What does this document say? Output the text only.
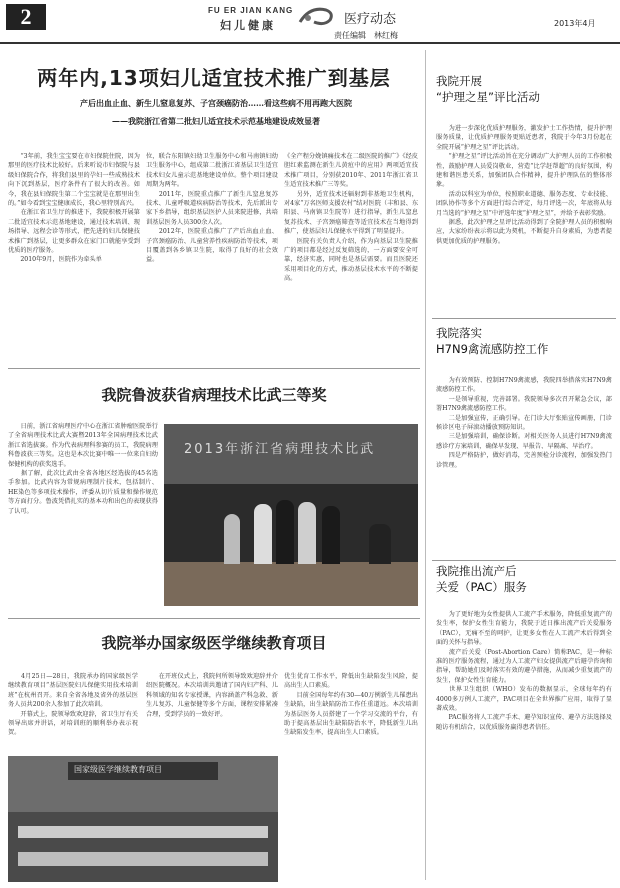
2	FU ER JIAN KANG
妇儿健康	医疗动态
责任编辑　林红梅
2013年4月
两年内,13项妇儿适宜技术推广到基层
产后出血止血、新生儿窒息复苏、子宫颈癌防治……看这些病不用再跑大医院
——我院浙江省第二批妇儿适宜技术示范基地建设成效显著
　　“3年前，我生宝宝要在市妇保院住院，因为那里的医疗技术比较好。后来听说市妇保院与县级妇保院合作，将我们县里的孕妇一些成熟技术向下沉到基层，医疗条件有了很大的改善。如今，我在县妇保院生第二个宝宝就是在那里出生的。”如今看到宝宝健康成长，我心里特别高兴。
　　在浙江省卫生厅的推进下，我院积极开展第二批适宜技术示范基地建设，通过技术培训、现场指导、远程会诊等形式，把先进的妇儿保健技术推广到基层，让更多群众在家门口就能享受到优质的医疗服务。
　　2010年9月，医院作为牵头单
位，联合东阳镇妇幼卫生服务中心和马南镇妇幼卫生服务中心，组成第二批浙江省基层卫生适宜技术妇女儿童示范基地建设单位。整个项目建设周期为两年。
　　2011年，医院重点推广了新生儿窒息复苏技术、儿童呼吸道疾病防治等技术，先后派出专家下乡指导，组织基层医护人员来院进修，共培训基层医务人员300余人次。
　　2012年，医院重点推广了产后出血止血、子宫颈癌防治、儿童营养性疾病防治等技术，项目覆盖到各乡镇卫生院，取得了良好的社会效益。
《全产程分娩镇痛技术在二级医院的推广》《经皮胆红素监测在新生儿黄疸中的应用》两项适宜技术推广项目，分别获2010年、2011年浙江省卫生适宜技术推广三等奖。
　　另外，适宜技术还辐射到非基地卫生机构，对4家“万名医师支援农村”结对医院（丰和县、东阳县、马南镇卫生院等）进行指导，新生儿窒息复苏技术、子宫颈癌筛查等适宜技术在当地得到推广，使基层妇儿保健水平得到了明显提升。
　　医院有关负责人介绍，作为向基层卫生院推广的项目都是经过反复筛选的，一方面要安全可靠，经济实惠，同时也是基层需要。而且医院还采用项目化的方式，推动基层技术水平的不断提高。
我院鲁波获省病理技术比武三等奖
　　日前，浙江省病理医疗中心在浙江省肿瘤医院举行了全省病理技术比武大赛暨2013年全国病理技术比武浙江省选拔赛。作为代表病理科参赛的员工，我院病理科鲁波获三等奖。这也是本次比赛中唯一一位来自妇幼保健机构的获奖选手。
　　据了解，此次比武由全省各地区经选拔的45名选手参加。比武内容为常规病理制片技术，包括制片、HE染色等多项技术操作，评委从切片质量和操作规范等方面打分。鲁波凭借扎实的基本功和出色的表现获得了认可。
2013年浙江省病理技术比武
我院举办国家级医学继续教育项目
　　4月25日—28日，我院承办的国家级医学继续教育项目“基层医院妇儿保健实用技术培训班”在杭州召开。来自全省各地及省外的基层医务人员共200余人参加了此次培训。
　　开幕式上，院领导致欢迎辞，省卫生厅有关领导出席并讲话，对培训班的顺利举办表示祝贺。
　　在开班仪式上，我院何所领导致欢迎辞并介绍医院概况。本次培训共邀请了国内妇产科、儿科领域的知名专家授课，内容涵盖产科急救、新生儿复苏、儿童保健等多个方面，课程安排紧凑合理，受到学员的一致好评。
优生优育工作水平，降低出生缺陷发生风险，提高出生人口素质。
　　目前全国每年约有30—40万例新生儿罹患出生缺陷，出生缺陷防治工作任重道远。本次培训为基层医务人员搭建了一个学习交流的平台，有助于提高基层出生缺陷防治水平，降低新生儿出生缺陷发生率，提高出生人口素质。
国家级医学继续教育项目
我院开展
“护理之星”评比活动
　　为进一步深化优质护理服务，激发护士工作热情，提升护理服务质量，让优质护理服务更贴近患者，我院于今年3月份起在全院开展“护理之星”评比活动。
　　“护理之星”评比活动旨在充分调动广大护理人员的工作积极性，鼓励护理人员爱岗敬业，营造“比学赶帮超”的良好氛围，构建和谐医患关系，加强团队合作精神，提升护理队伍的整体形象。
　　活动以科室为单位，按照职业道德、服务态度、专业技能、团队协作等多个方面进行综合评定，每月评选一次，年底将从每月当选的“护理之星”中评选年度“护理之星”，并给予表彰奖励。
　　据悉，此次护理之星评比活动得到了全院护理人员的积极响应，大家纷纷表示将以此为契机，不断提升自身素质，为患者提供更加优质的护理服务。
我院落实
H7N9禽流感防控工作
　　为有效预防、控制H7N9禽流感，我院四举措落实H7N9禽流感防控工作。
　　一是领导重视，完善部署。我院领导多次召开紧急会议，部署H7N9禽流感防控工作。
　　二是加强宣传，正确引导。在门诊大厅张贴宣传画册，门诊候诊区电子屏滚动播放预防知识。
　　三是加强培训，确保诊断。对相关医务人员进行H7N9禽流感诊疗方案培训，确保早发现、早报告、早隔离、早治疗。
　　四是严格防护，做好消毒，完善预检分诊流程，加强发热门诊管理。
我院推出流产后
关爱（PAC）服务
　　为了更好地为女性提供人工流产手术服务，降低重复流产的发生率，保护女性生育能力，我院于近日推出流产后关爱服务（PAC），无痛不至的呵护，让更多女性在人工流产术后得到全面的关怀与指导。
　　流产后关爱（Post-Abortion Care）简称PAC，是一种标准的医疗服务流程，通过为人工流产妇女提供流产后避孕咨询和指导，帮助她们及时落实有效的避孕措施，从而减少重复流产的发生，保护女性生育能力。
　　世界卫生组织（WHO）发布的数据显示，全球每年约有4000多万例人工流产，PAC项目在全世界推广应用，取得了显著成效。
　　PAC服务将人工流产手术、避孕知识宣传、避孕方法选择及随访有机结合，以优质服务赢得患者信任。
